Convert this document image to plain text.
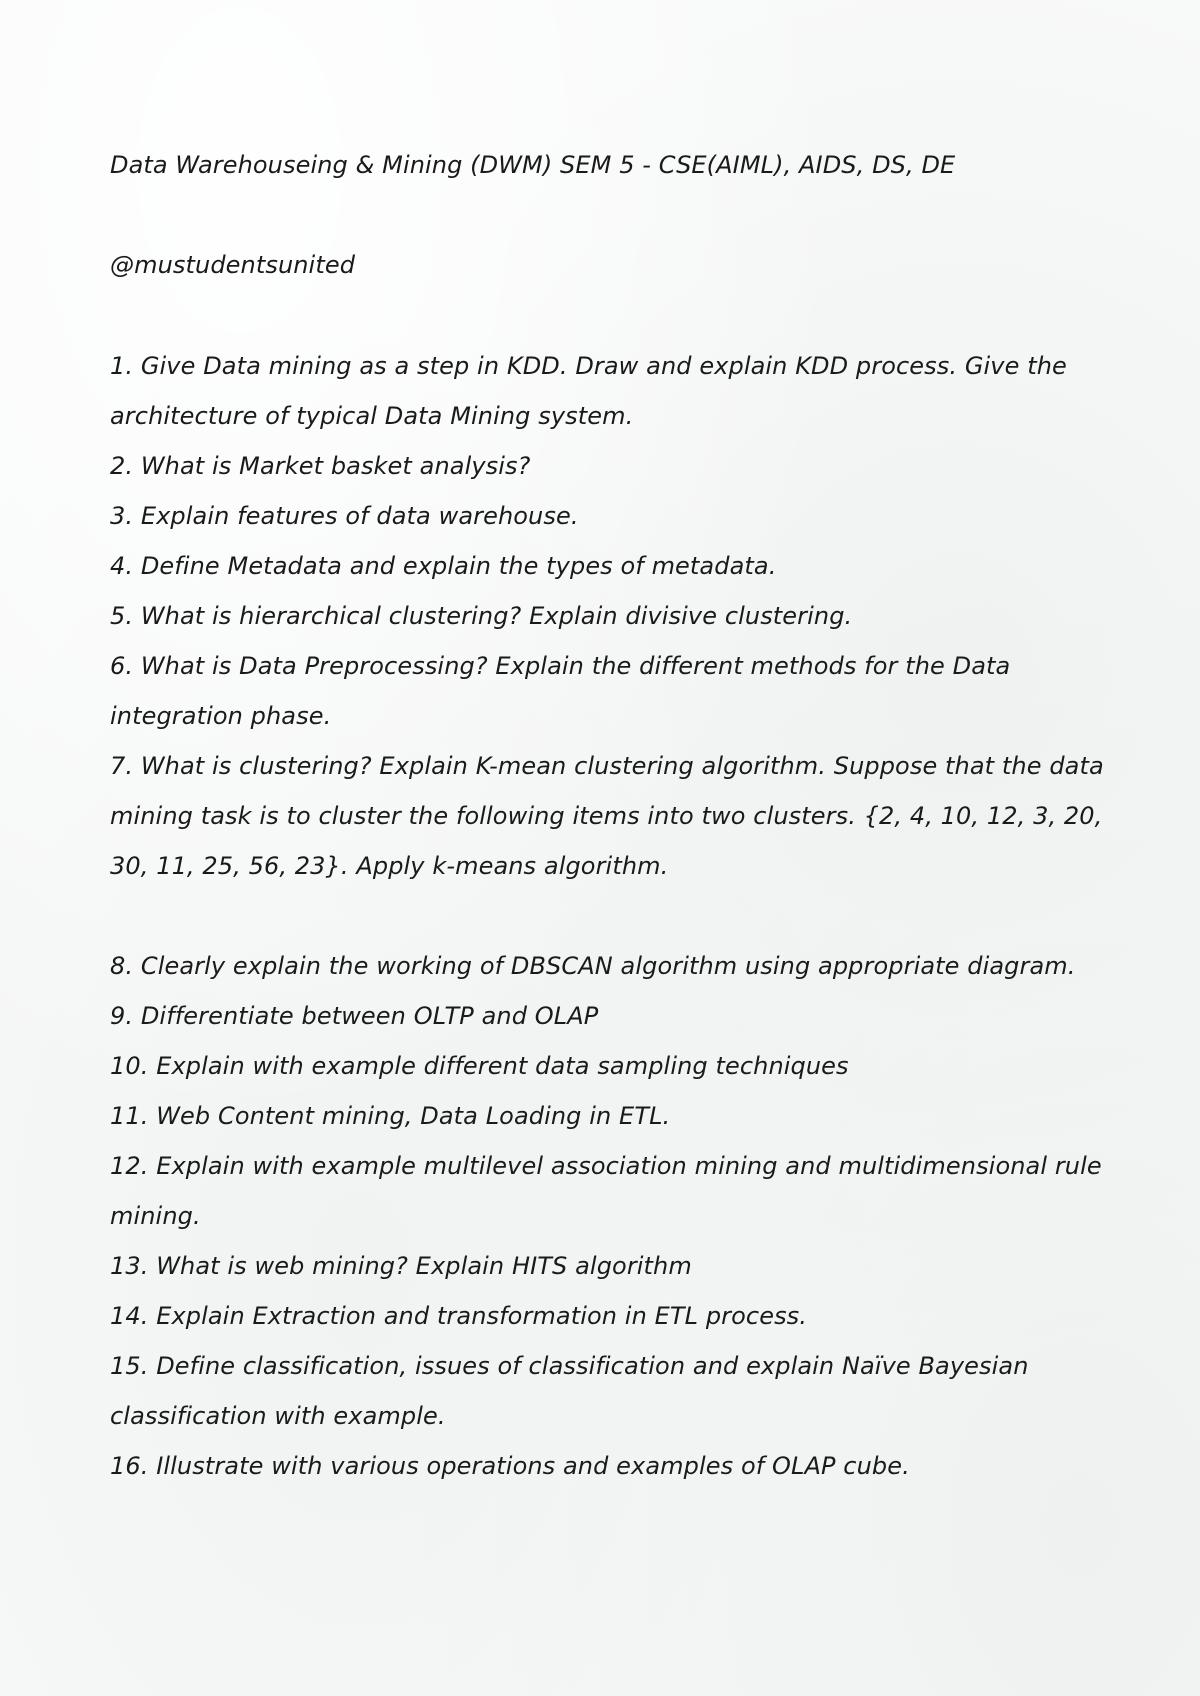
Data Warehouseing & Mining (DWM) SEM 5 - CSE(AIML), AIDS, DS, DE

@mustudentsunited

1. Give Data mining as a step in KDD. Draw and explain KDD process. Give the architecture of typical Data Mining system.
2. What is Market basket analysis?
3. Explain features of data warehouse.
4. Define Metadata and explain the types of metadata.
5. What is hierarchical clustering? Explain divisive clustering.
6. What is Data Preprocessing? Explain the different methods for the Data integration phase.
7. What is clustering? Explain K-mean clustering algorithm. Suppose that the data mining task is to cluster the following items into two clusters. {2, 4, 10, 12, 3, 20, 30, 11, 25, 56, 23}. Apply k-means algorithm.
8. Clearly explain the working of DBSCAN algorithm using appropriate diagram.
9. Differentiate between OLTP and OLAP
10. Explain with example different data sampling techniques
11. Web Content mining, Data Loading in ETL.
12. Explain with example multilevel association mining and multidimensional rule mining.
13. What is web mining? Explain HITS algorithm
14. Explain Extraction and transformation in ETL process.
15. Define classification, issues of classification and explain Naïve Bayesian classification with example.
16. Illustrate with various operations and examples of OLAP cube.
